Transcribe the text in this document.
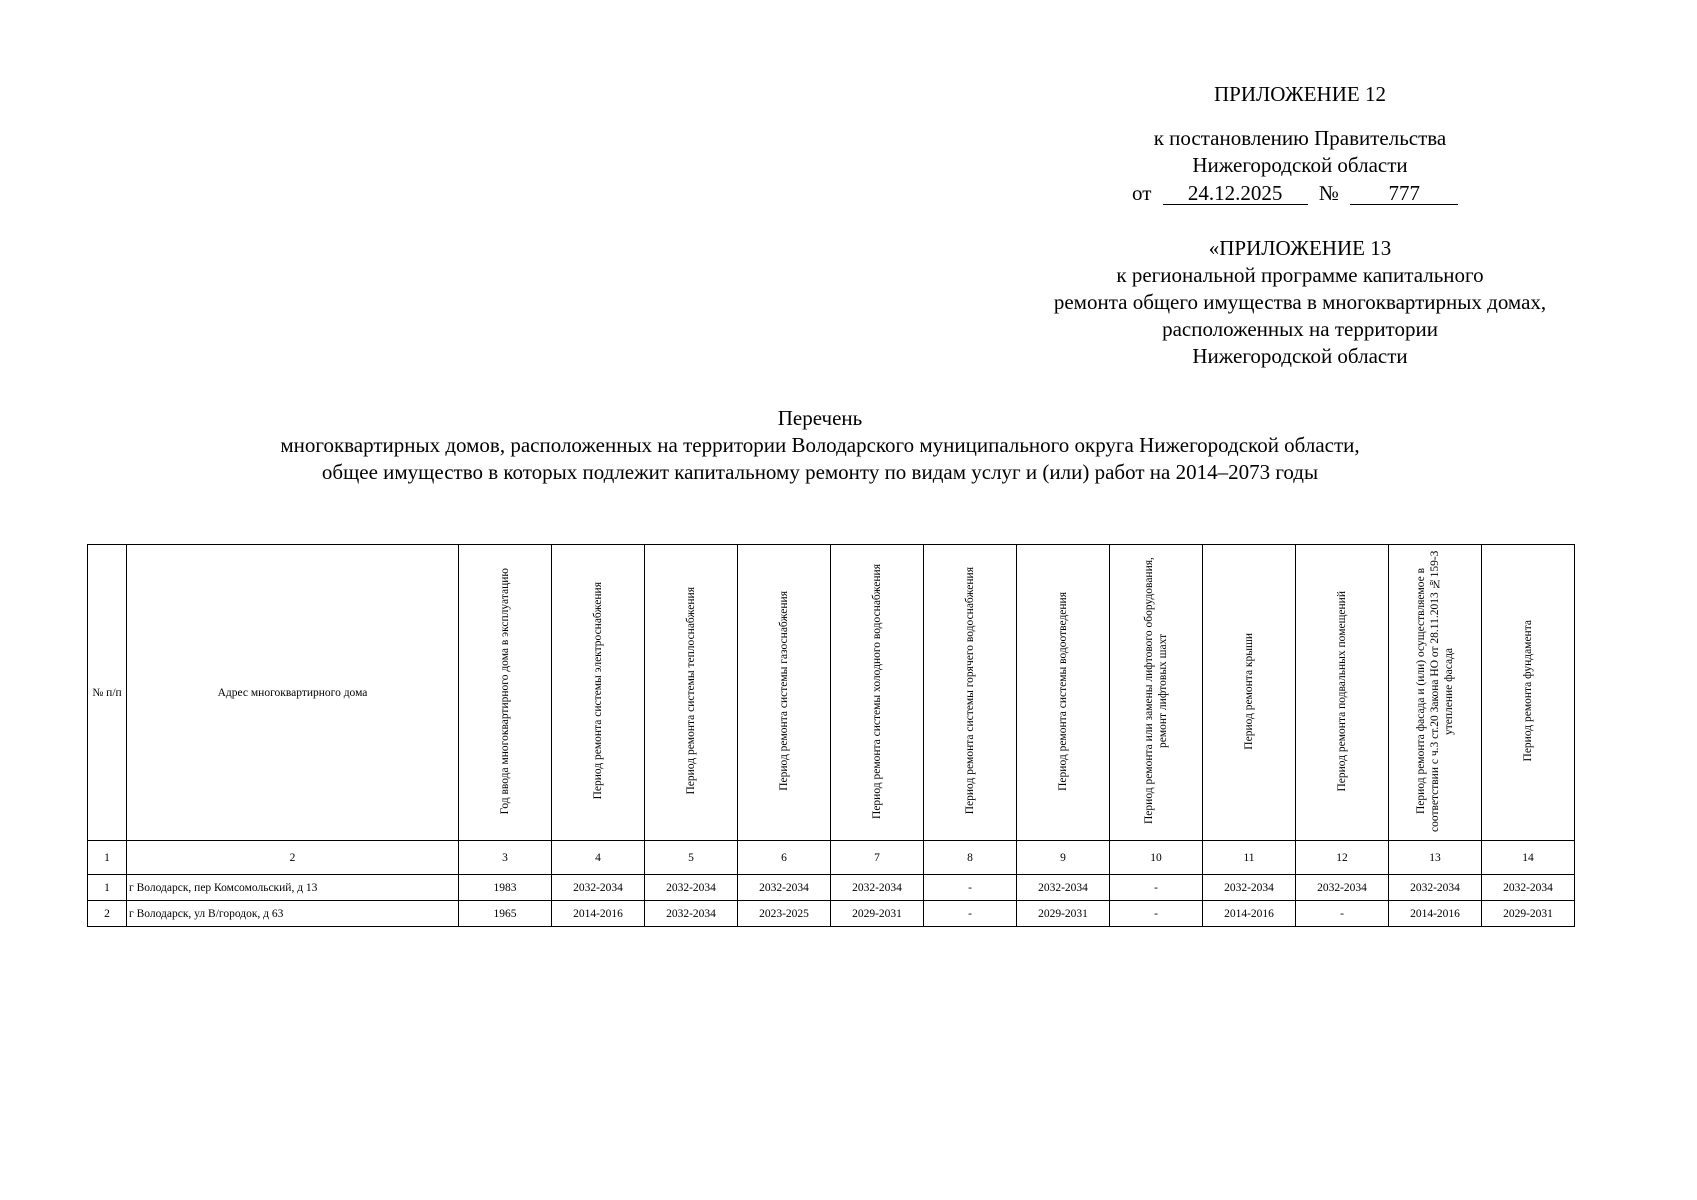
ПРИЛОЖЕНИЕ 12
к постановлению Правительства
Нижегородской области
от 24.12.2025 № 777
«ПРИЛОЖЕНИЕ 13
к региональной программе капитального
ремонта общего имущества в многоквартирных домах,
расположенных на территории
Нижегородской области
Перечень
многоквартирных домов, расположенных на территории Володарского муниципального округа Нижегородской области,
общее имущество в которых подлежит капитальному ремонту по видам услуг и (или) работ на 2014–2073 годы
№ п/п	Адрес многоквартирного дома	Год ввода многоквартирного дома в эксплуатацию	Период ремонта системы электроснабжения	Период ремонта системы теплоснабжения	Период ремонта системы газоснабжения	Период ремонта системы холодного водоснабжения	Период ремонта системы горячего водоснабжения	Период ремонта системы водоотведения	Период ремонта или замены лифтового оборудования, ремонт лифтовых шахт	Период ремонта крыши	Период ремонта подвальных помещений	Период ремонта фасада и (или) осуществляемое в соответствии с ч.3 ст.20 Закона НО от 28.11.2013 №159-З утепление фасада	Период ремонта фундамента
1	2	3	4	5	6	7	8	9	10	11	12	13	14
1	г Володарск, пер Комсомольский, д 13	1983	2032-2034	2032-2034	2032-2034	2032-2034	-	2032-2034	-	2032-2034	2032-2034	2032-2034	2032-2034
2	г Володарск, ул В/городок, д 63	1965	2014-2016	2032-2034	2023-2025	2029-2031	-	2029-2031	-	2014-2016	-	2014-2016	2029-2031
